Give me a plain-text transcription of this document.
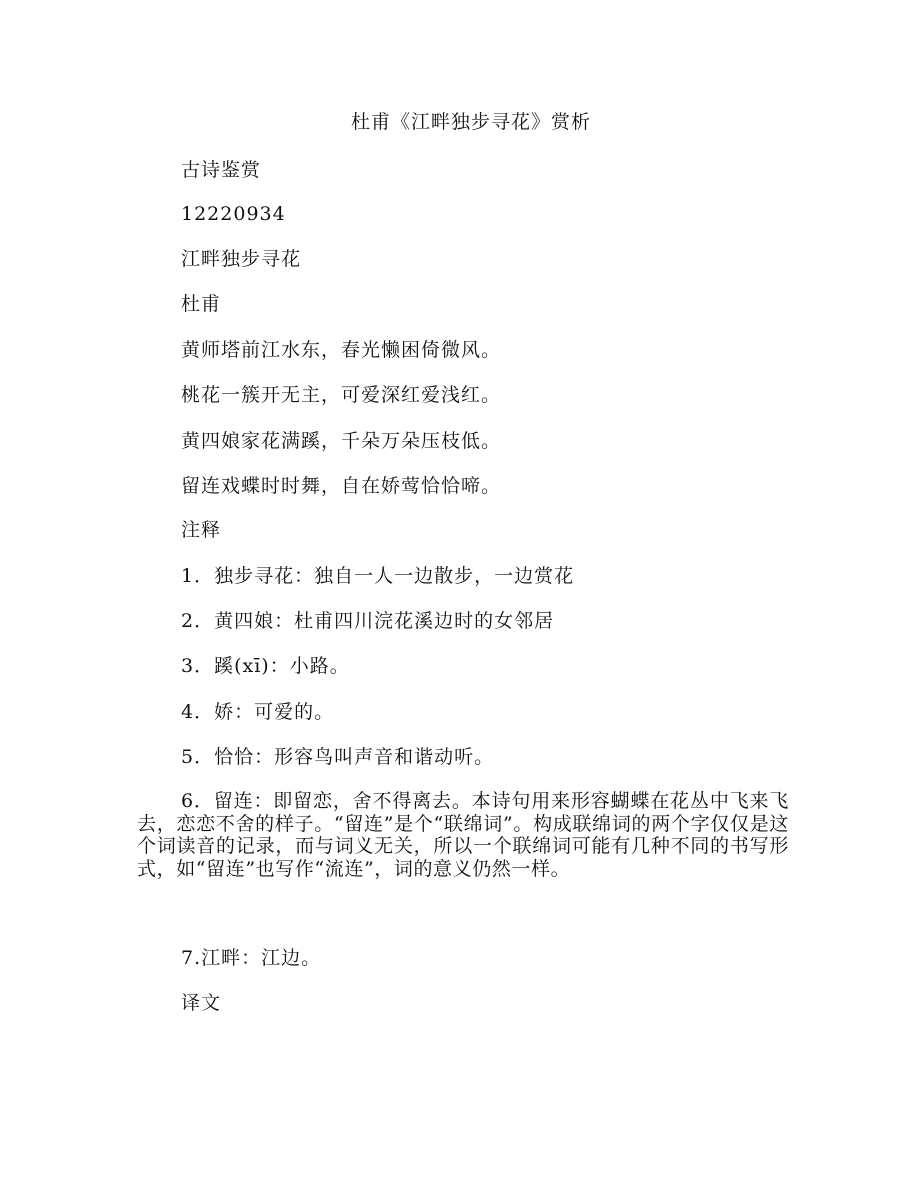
杜甫《江畔独步寻花》赏析
古诗鉴赏
12220934
江畔独步寻花
杜甫
黄师塔前江水东，春光懒困倚微风。
桃花一簇开无主，可爱深红爱浅红。
黄四娘家花满蹊，千朵万朵压枝低。
留连戏蝶时时舞，自在娇莺恰恰啼。
注释
1．独步寻花：独自一人一边散步，一边赏花
2．黄四娘：杜甫四川浣花溪边时的女邻居
3．蹊(xī)：小路。
4．娇：可爱的。
5．恰恰：形容鸟叫声音和谐动听。
6．留连：即留恋，舍不得离去。本诗句用来形容蝴蝶在花丛中飞来飞去，恋恋不舍的样子。“留连”是个“联绵词”。构成联绵词的两个字仅仅是这个词读音的记录，而与词义无关，所以一个联绵词可能有几种不同的书写形式，如“留连”也写作“流连”，词的意义仍然一样。
7.江畔：江边。
译文
